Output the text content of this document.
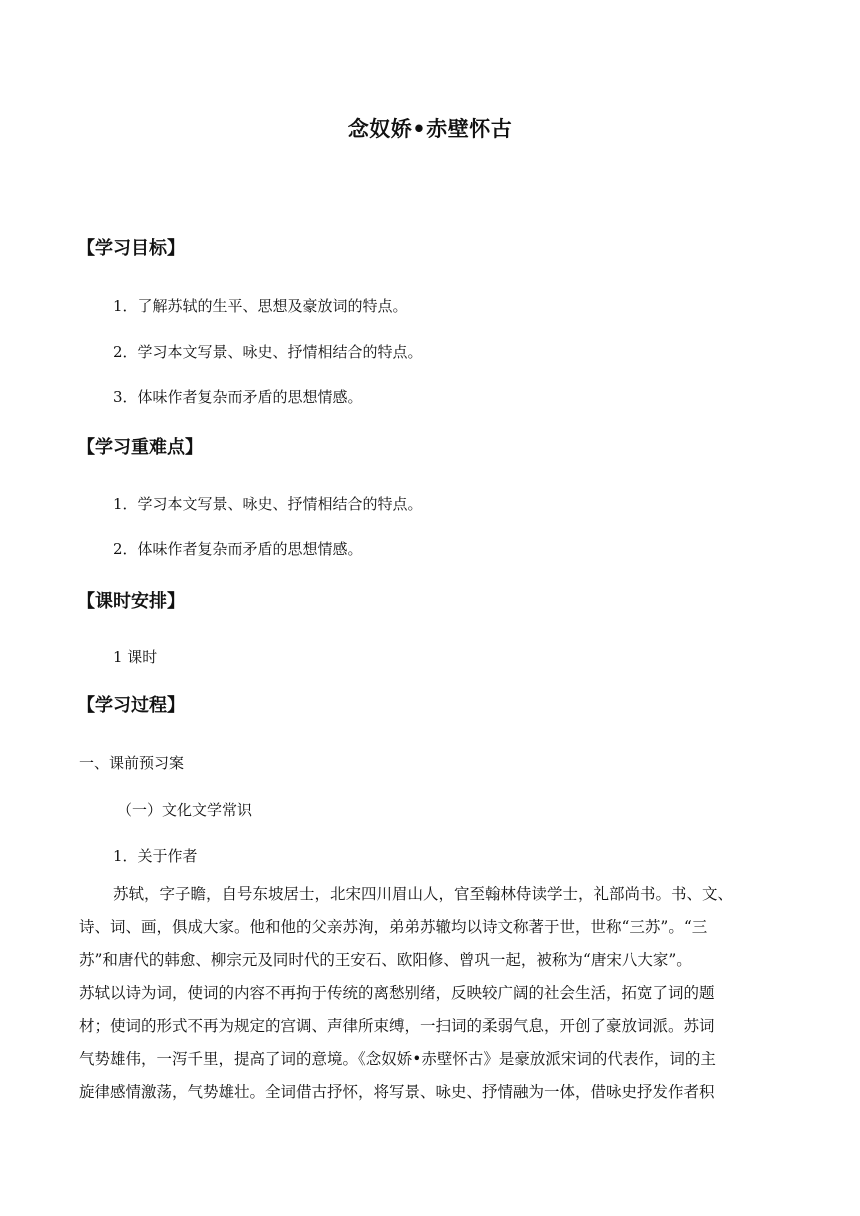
念奴娇•赤壁怀古
【学习目标】
1．了解苏轼的生平、思想及豪放词的特点。
2．学习本文写景、咏史、抒情相结合的特点。
3．体味作者复杂而矛盾的思想情感。
【学习重难点】
1．学习本文写景、咏史、抒情相结合的特点。
2．体味作者复杂而矛盾的思想情感。
【课时安排】
1 课时
【学习过程】
一、课前预习案
（一）文化文学常识
1．关于作者

苏轼，字子瞻，自号东坡居士，北宋四川眉山人，官至翰林侍读学士，礼部尚书。书、文、

诗、词、画，俱成大家。他和他的父亲苏洵，弟弟苏辙均以诗文称著于世，世称“三苏”。“三

苏”和唐代的韩愈、柳宗元及同时代的王安石、欧阳修、曾巩一起，被称为“唐宋八大家”。

苏轼以诗为词，使词的内容不再拘于传统的离愁别绪，反映较广阔的社会生活，拓宽了词的题

材；使词的形式不再为规定的宫调、声律所束缚，一扫词的柔弱气息，开创了豪放词派。苏词

气势雄伟，一泻千里，提高了词的意境。《念奴娇•赤壁怀古》是豪放派宋词的代表作，词的主

旋律感情激荡，气势雄壮。全词借古抒怀，将写景、咏史、抒情融为一体，借咏史抒发作者积
